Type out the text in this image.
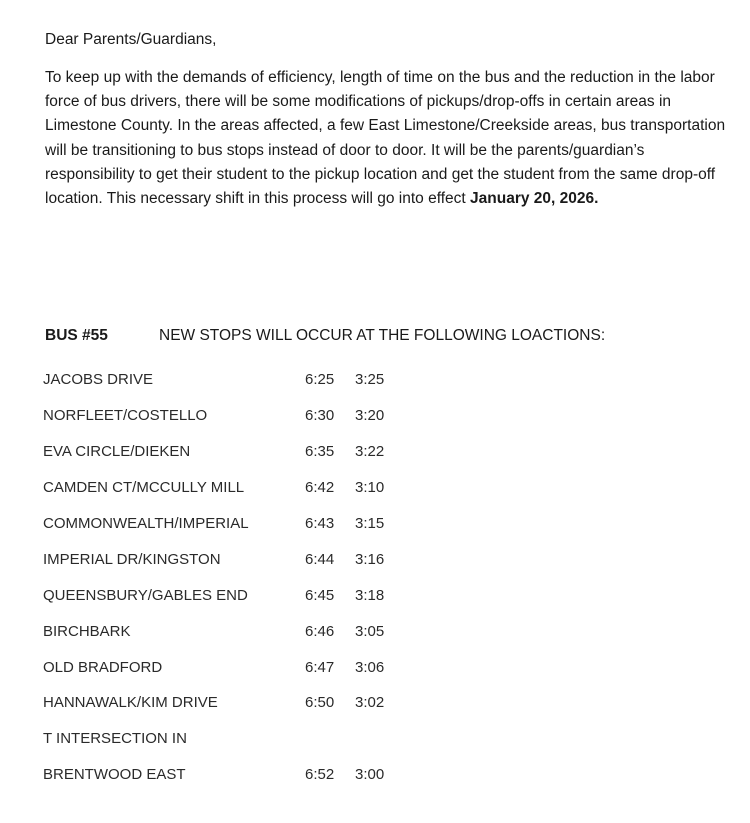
Dear Parents/Guardians,

To keep up with the demands of efficiency, length of time on the bus and the reduction in the labor force of bus drivers, there will be some modifications of pickups/drop-offs in certain areas in Limestone County. In the areas affected, a few East Limestone/Creekside areas, bus transportation will be transitioning to bus stops instead of door to door. It will be the parents/guardian’s responsibility to get their student to the pickup location and get the student from the same drop-off location. This necessary shift in this process will go into effect January 20, 2026.

BUS #55	NEW STOPS WILL OCCUR AT THE FOLLOWING LOACTIONS:
JACOBS DRIVE	6:25	3:25
NORFLEET/COSTELLO	6:30	3:20
EVA CIRCLE/DIEKEN	6:35	3:22
CAMDEN CT/MCCULLY MILL	6:42	3:10
COMMONWEALTH/IMPERIAL	6:43	3:15
IMPERIAL DR/KINGSTON	6:44	3:16
QUEENSBURY/GABLES END	6:45	3:18
BIRCHBARK	6:46	3:05
OLD BRADFORD	6:47	3:06
HANNAWALK/KIM DRIVE	6:50	3:02
T INTERSECTION IN
BRENTWOOD EAST	6:52	3:00
